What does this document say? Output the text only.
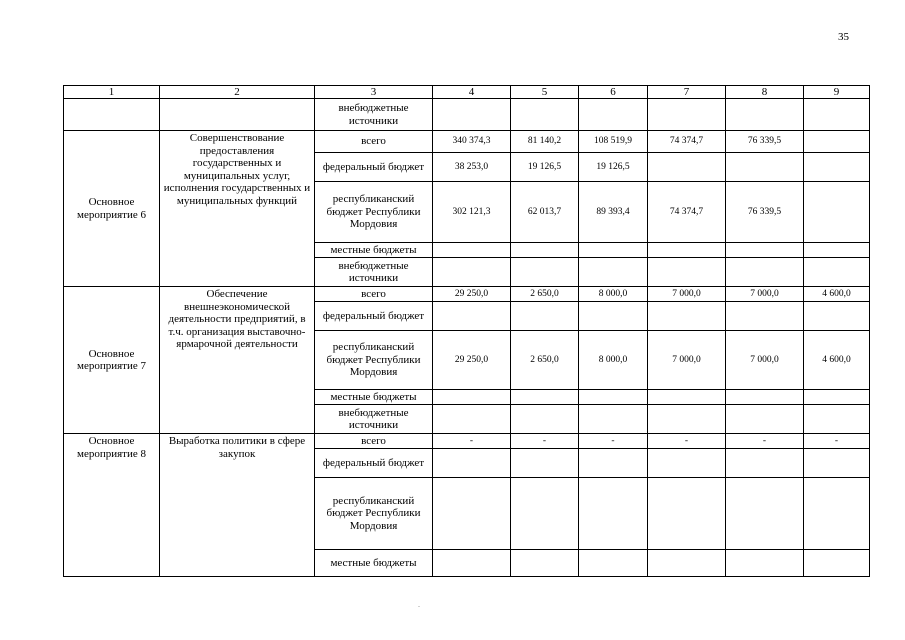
35
1	2	3	4	5	6	7	8	9
		внебюджетные источники						
Основное мероприятие 6	Совершенствование предоставления государственных и муниципальных услуг, исполнения государственных и муниципальных функций	всего	340 374,3	81 140,2	108 519,9	74 374,7	76 339,5	
		федеральный бюджет	38 253,0	19 126,5	19 126,5			
		республиканский бюджет Республики Мордовия	302 121,3	62 013,7	89 393,4	74 374,7	76 339,5	
		местные бюджеты						
		внебюджетные источники						
Основное мероприятие 7	Обеспечение внешнеэкономической деятельности предприятий, в т.ч. организация выставочно-ярмарочной деятельности	всего	29 250,0	2 650,0	8 000,0	7 000,0	7 000,0	4 600,0
		федеральный бюджет						
		республиканский бюджет Республики Мордовия	29 250,0	2 650,0	8 000,0	7 000,0	7 000,0	4 600,0
		местные бюджеты						
		внебюджетные источники						
Основное мероприятие 8	Выработка политики в сфере закупок	всего	-	-	-	-	-	-
		федеральный бюджет						
		республиканский бюджет Республики Мордовия						
		местные бюджеты						
.
